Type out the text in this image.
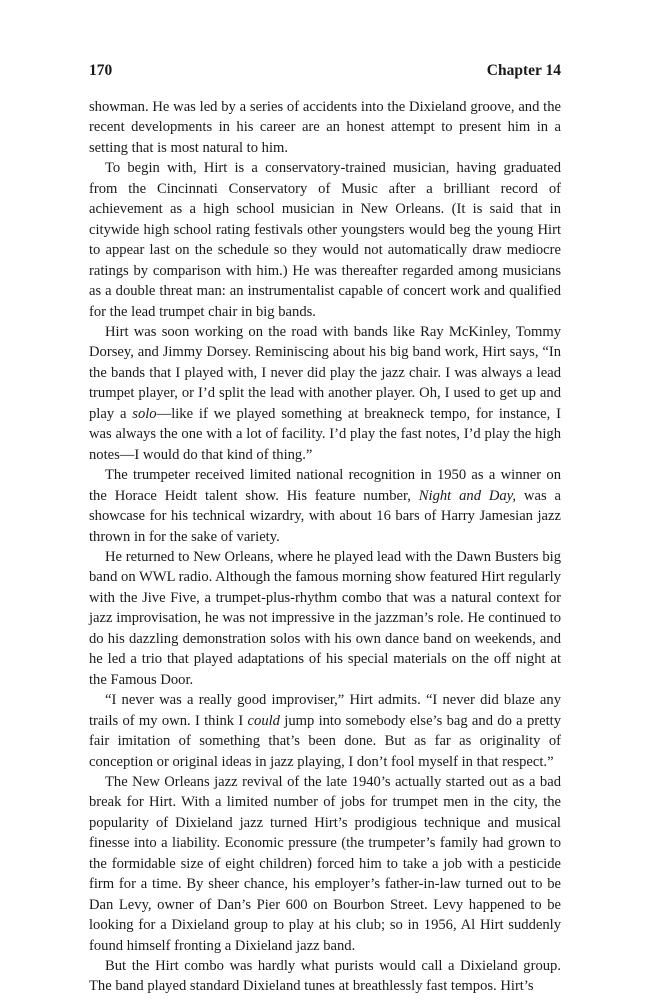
170	Chapter 14

showman. He was led by a series of accidents into the Dixieland groove, and the recent developments in his career are an honest attempt to present him in a setting that is most natural to him.

To begin with, Hirt is a conservatory-trained musician, having graduated from the Cincinnati Conservatory of Music after a brilliant record of achievement as a high school musician in New Orleans. (It is said that in citywide high school rating festivals other youngsters would beg the young Hirt to appear last on the schedule so they would not automatically draw mediocre ratings by comparison with him.) He was thereafter regarded among musicians as a double threat man: an instrumentalist capable of concert work and qualified for the lead trumpet chair in big bands.

Hirt was soon working on the road with bands like Ray McKinley, Tommy Dorsey, and Jimmy Dorsey. Reminiscing about his big band work, Hirt says, “In the bands that I played with, I never did play the jazz chair. I was always a lead trumpet player, or I’d split the lead with another player. Oh, I used to get up and play a solo—like if we played something at breakneck tempo, for instance, I was always the one with a lot of facility. I’d play the fast notes, I’d play the high notes—I would do that kind of thing.”

The trumpeter received limited national recognition in 1950 as a winner on the Horace Heidt talent show. His feature number, Night and Day, was a showcase for his technical wizardry, with about 16 bars of Harry Jamesian jazz thrown in for the sake of variety.

He returned to New Orleans, where he played lead with the Dawn Busters big band on WWL radio. Although the famous morning show featured Hirt regularly with the Jive Five, a trumpet-plus-rhythm combo that was a natural context for jazz improvisation, he was not impressive in the jazzman’s role. He continued to do his dazzling demonstration solos with his own dance band on weekends, and he led a trio that played adaptations of his special materials on the off night at the Famous Door.

“I never was a really good improviser,” Hirt admits. “I never did blaze any trails of my own. I think I could jump into somebody else’s bag and do a pretty fair imitation of something that’s been done. But as far as originality of conception or original ideas in jazz playing, I don’t fool myself in that respect.”

The New Orleans jazz revival of the late 1940’s actually started out as a bad break for Hirt. With a limited number of jobs for trumpet men in the city, the popularity of Dixieland jazz turned Hirt’s prodigious technique and musical finesse into a liability. Economic pressure (the trumpeter’s family had grown to the formidable size of eight children) forced him to take a job with a pesticide firm for a time. By sheer chance, his employer’s father-in-law turned out to be Dan Levy, owner of Dan’s Pier 600 on Bourbon Street. Levy happened to be looking for a Dixieland group to play at his club; so in 1956, Al Hirt suddenly found himself fronting a Dixieland jazz band.

But the Hirt combo was hardly what purists would call a Dixieland group. The band played standard Dixieland tunes at breathlessly fast tempos. Hirt’s
